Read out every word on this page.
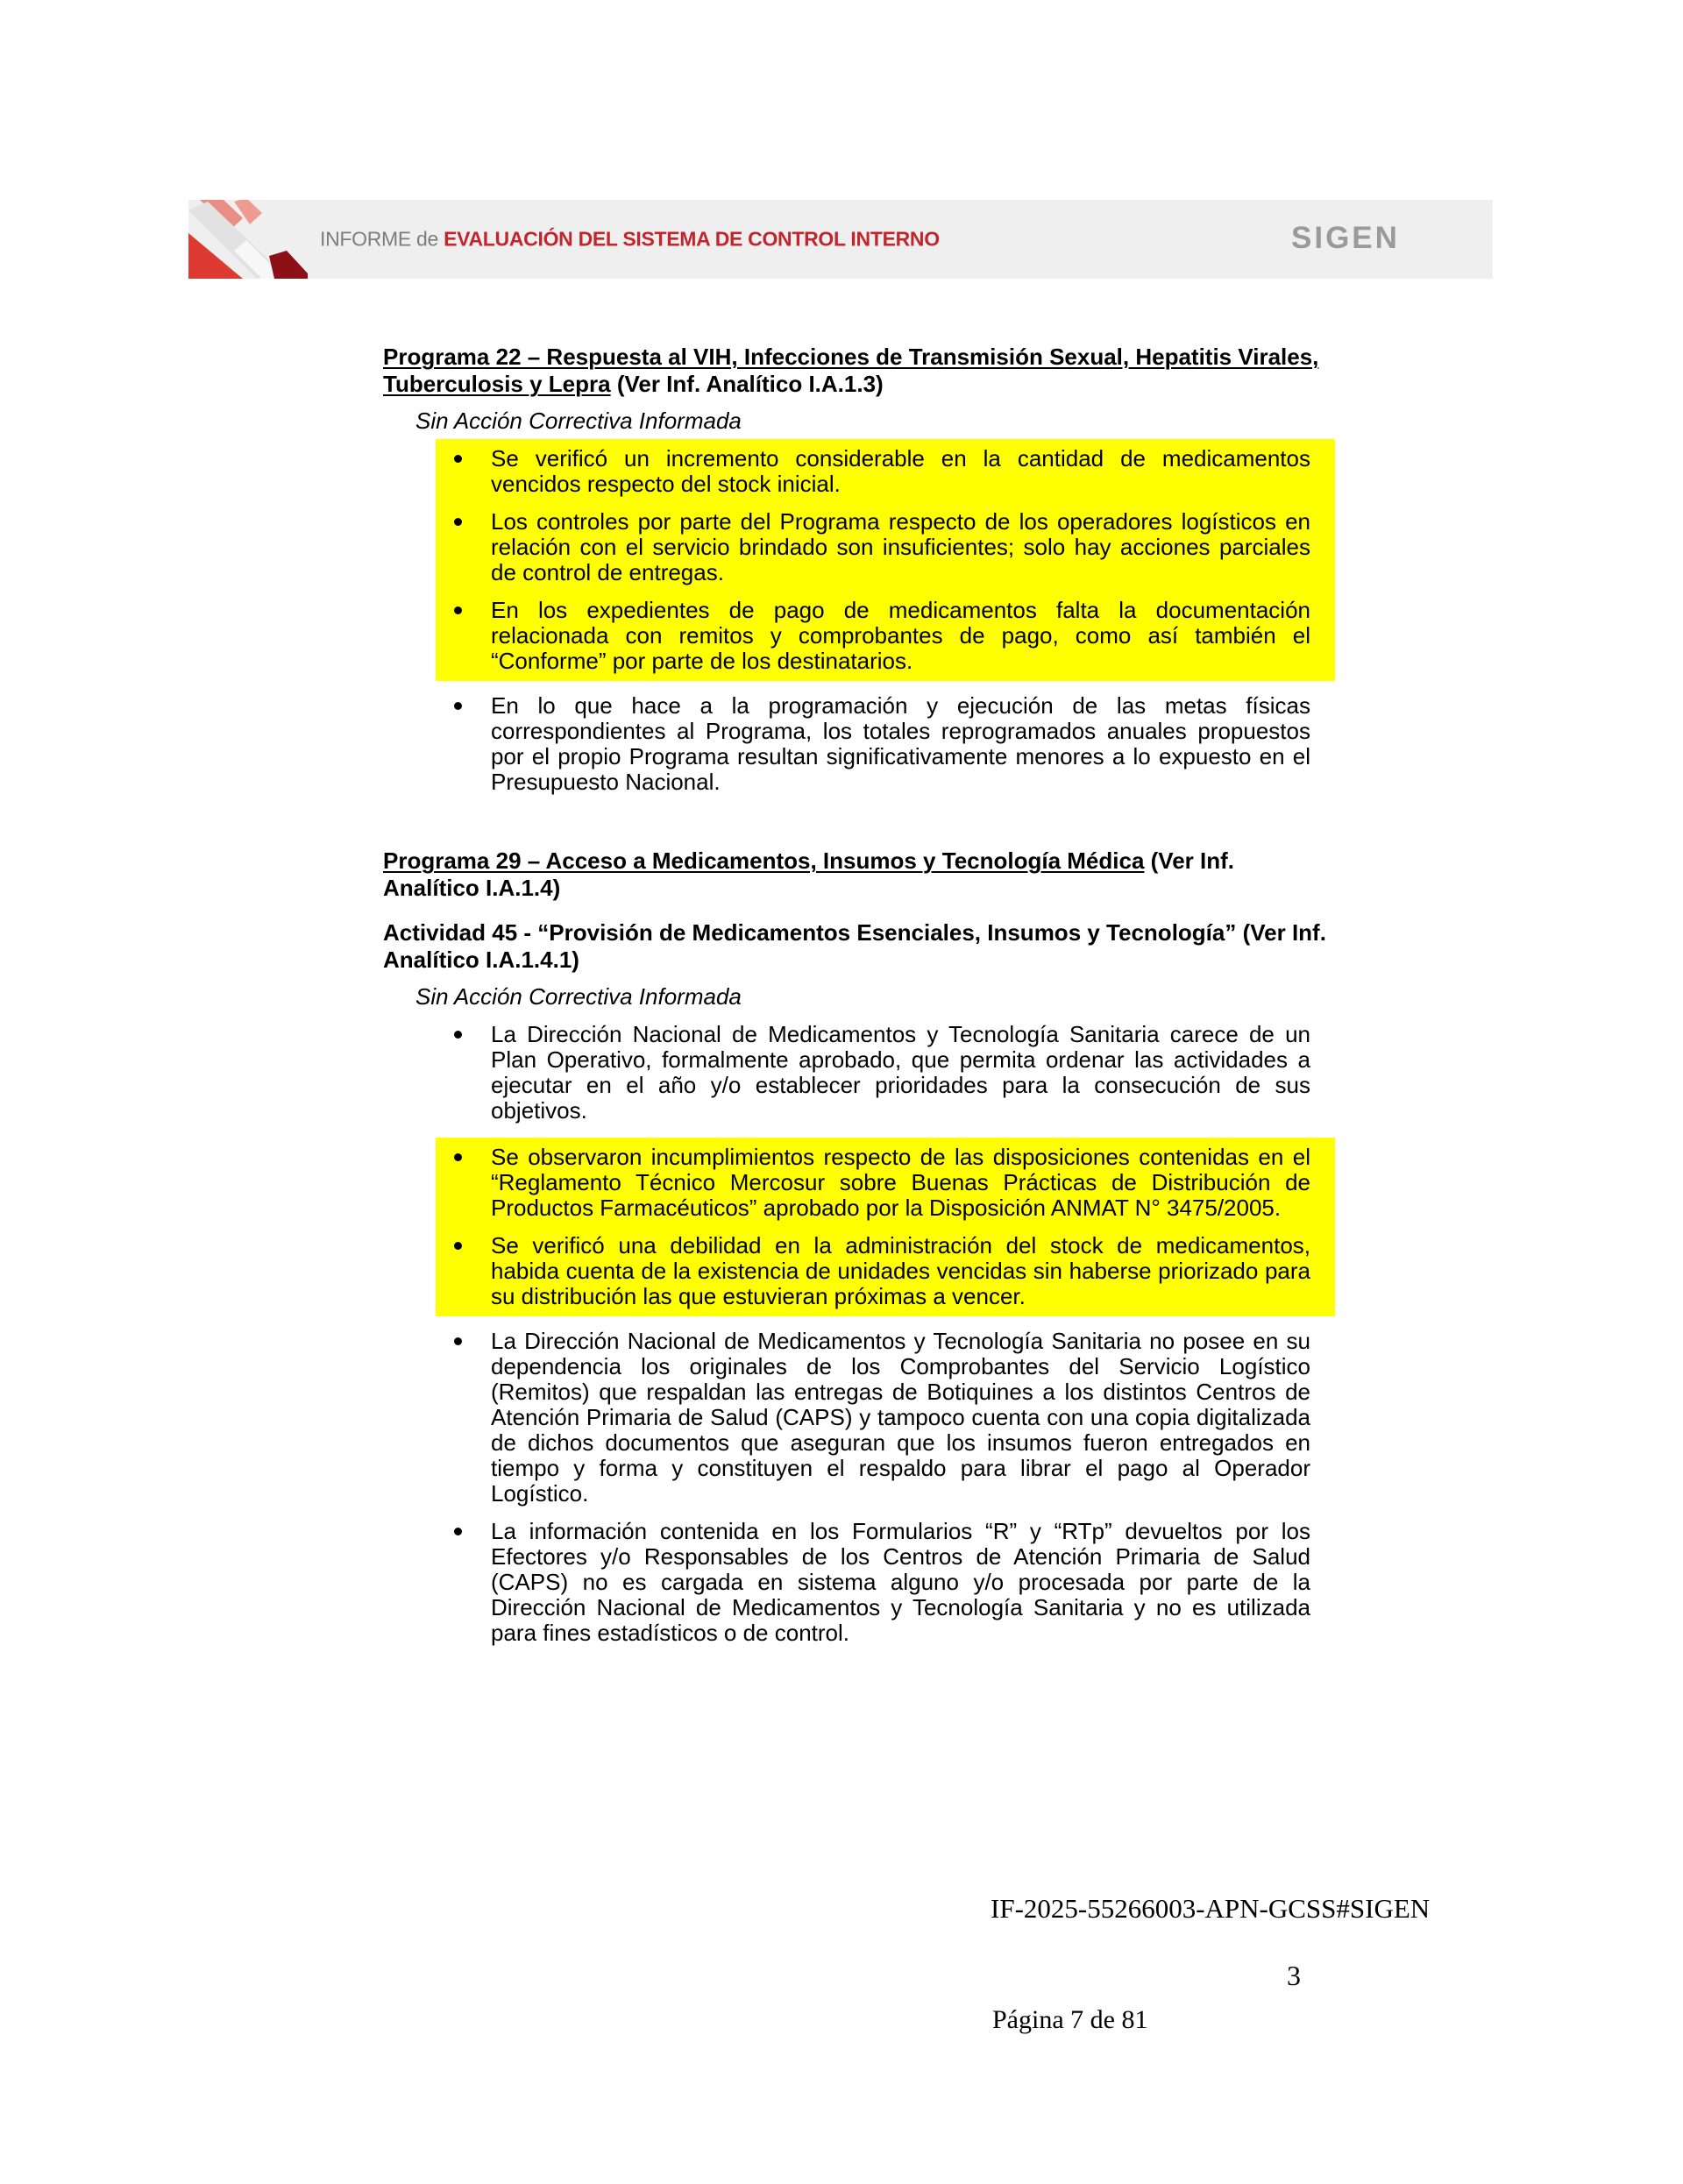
INFORME de EVALUACIÓN DEL SISTEMA DE CONTROL INTERNO	SIGEN
Programa 22 – Respuesta al VIH, Infecciones de Transmisión Sexual, Hepatitis Virales, Tuberculosis y Lepra (Ver Inf. Analítico I.A.1.3)

Sin Acción Correctiva Informada

Se verificó un incremento considerable en la cantidad de medicamentos vencidos respecto del stock inicial.
Los controles por parte del Programa respecto de los operadores logísticos en relación con el servicio brindado son insuficientes; solo hay acciones parciales de control de entregas.
En los expedientes de pago de medicamentos falta la documentación relacionada con remitos y comprobantes de pago, como así también el “Conforme” por parte de los destinatarios.
En lo que hace a la programación y ejecución de las metas físicas correspondientes al Programa, los totales reprogramados anuales propuestos por el propio Programa resultan significativamente menores a lo expuesto en el Presupuesto Nacional.
Programa 29 – Acceso a Medicamentos, Insumos y Tecnología Médica (Ver Inf. Analítico I.A.1.4)
Actividad 45 - “Provisión de Medicamentos Esenciales, Insumos y Tecnología” (Ver Inf. Analítico I.A.1.4.1)

Sin Acción Correctiva Informada

La Dirección Nacional de Medicamentos y Tecnología Sanitaria carece de un Plan Operativo, formalmente aprobado, que permita ordenar las actividades a ejecutar en el año y/o establecer prioridades para la consecución de sus objetivos.
Se observaron incumplimientos respecto de las disposiciones contenidas en el “Reglamento Técnico Mercosur sobre Buenas Prácticas de Distribución de Productos Farmacéuticos” aprobado por la Disposición ANMAT N° 3475/2005.
Se verificó una debilidad en la administración del stock de medicamentos, habida cuenta de la existencia de unidades vencidas sin haberse priorizado para su distribución las que estuvieran próximas a vencer.
La Dirección Nacional de Medicamentos y Tecnología Sanitaria no posee en su dependencia los originales de los Comprobantes del Servicio Logístico (Remitos) que respaldan las entregas de Botiquines a los distintos Centros de Atención Primaria de Salud (CAPS) y tampoco cuenta con una copia digitalizada de dichos documentos que aseguran que los insumos fueron entregados en tiempo y forma y constituyen el respaldo para librar el pago al Operador Logístico.
La información contenida en los Formularios “R” y “RTp” devueltos por los Efectores y/o Responsables de los Centros de Atención Primaria de Salud (CAPS) no es cargada en sistema alguno y/o procesada por parte de la Dirección Nacional de Medicamentos y Tecnología Sanitaria y no es utilizada para fines estadísticos o de control.
IF-2025-55266003-APN-GCSS#SIGEN
3
Página 7 de 81
